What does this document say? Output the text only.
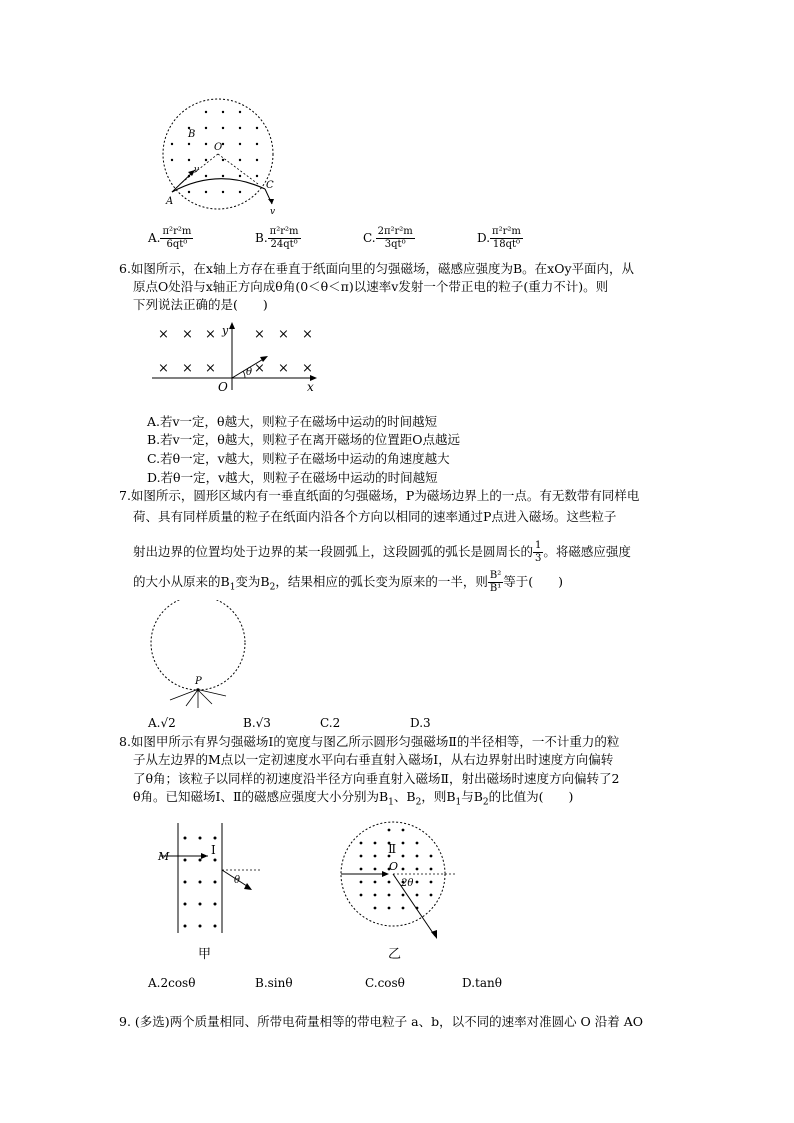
B
O
v
A
C
v
A. $\frac{\text{π²r²m}}{\text{6qt⁰}}$	B. $\frac{\text{π²r²m}}{\text{24qt⁰}}$	C. $\frac{\text{2π²r²m}}{\text{3qt⁰}}$	D. $\frac{\text{π²r²m}}{\text{18qt⁰}}$
6.如图所示，在x轴上方存在垂直于纸面向里的匀强磁场，磁感应强度为B。在xOy平面内，从
原点O处沿与x轴正方向成θ角(0＜θ＜π)以速率v发射一个带正电的粒子(重力不计)。则
下列说法正确的是(　　)
× × ×	× × ×
× × ×	× × ×
y
θ
O	x
A.若v一定，θ越大，则粒子在磁场中运动的时间越短
B.若v一定，θ越大，则粒子在离开磁场的位置距O点越远
C.若θ一定，v越大，则粒子在磁场中运动的角速度越大
D.若θ一定，v越大，则粒子在磁场中运动的时间越短
7.如图所示，圆形区域内有一垂直纸面的匀强磁场，P为磁场边界上的一点。有无数带有同样电
荷、具有同样质量的粒子在纸面内沿各个方向以相同的速率通过P点进入磁场。这些粒子
射出边界的位置均处于边界的某一段圆弧上，这段圆弧的弧长是圆周长的 $\frac{1}{3}$ 。将磁感应强度
的大小从原来的$B_1$变为$B_2$，结果相应的弧长变为原来的一半，则 $\frac{\text{B²}}{\text{B¹}}$ 等于(　　)
P
A.√2	B.√3	C.2	D.3
8.如图甲所示有界匀强磁场Ⅰ的宽度与图乙所示圆形匀强磁场Ⅱ的半径相等，一不计重力的粒
子从左边界的M点以一定初速度水平向右垂直射入磁场Ⅰ，从右边界射出时速度方向偏转
了θ角；该粒子以同样的初速度沿半径方向垂直射入磁场Ⅱ，射出磁场时速度方向偏转了2
θ角。已知磁场Ⅰ、Ⅱ的磁感应强度大小分别为$B_1$、$B_2$，则$B_1$与$B_2$的比值为(　　)
M	Ⅰ
θ
甲
Ⅱ
O
2θ
乙
A.2cosθ	B.sinθ	C.cosθ	D.tanθ
9. (多选)两个质量相同、所带电荷量相等的带电粒子 a、b，以不同的速率对准圆心 O 沿着 AO
